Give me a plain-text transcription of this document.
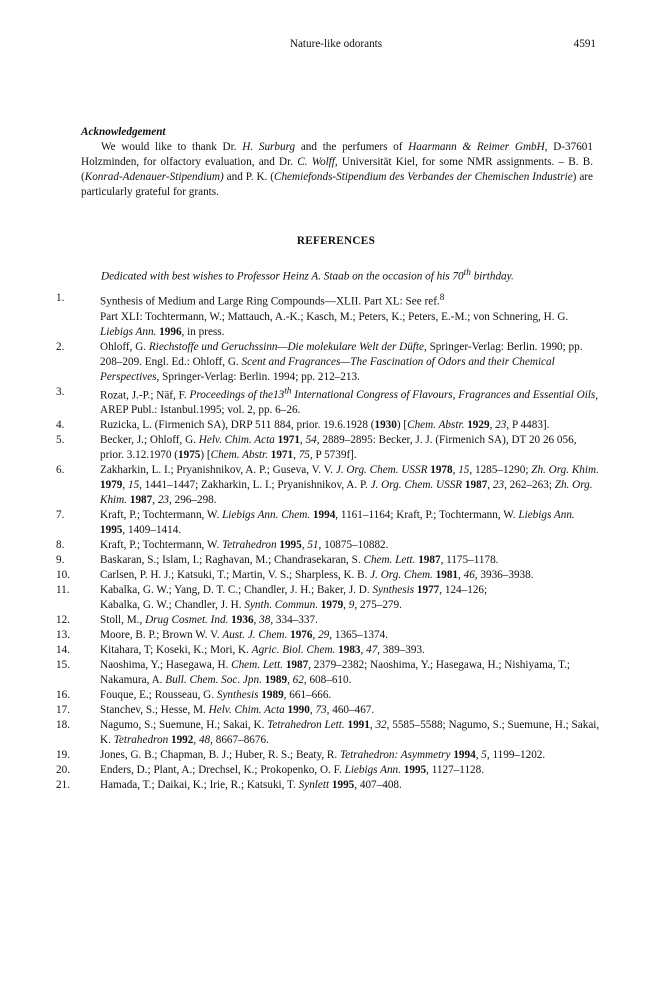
Nature-like odorants	4591
Acknowledgement

We would like to thank Dr. H. Surburg and the perfumers of Haarmann & Reimer GmbH, D-37601 Holzminden, for olfactory evaluation, and Dr. C. Wolff, Universität Kiel, for some NMR assignments. – B. B. (Konrad-Adenauer-Stipendium) and P. K. (Chemiefonds-Stipendium des Verbandes der Chemischen Industrie) are particularly grateful for grants.

REFERENCES
Dedicated with best wishes to Professor Heinz A. Staab on the occasion of his 70th birthday.
1.	Synthesis of Medium and Large Ring Compounds—XLII. Part XL: See ref.$^8$
Part XLI: Tochtermann, W.; Mattauch, A.-K.; Kasch, M.; Peters, K.; Peters, E.-M.; von Schnering, H. G. Liebigs Ann. 1996, in press.
2.	Ohloff, G. Riechstoffe und Geruchssinn—Die molekulare Welt der Düfte, Springer-Verlag: Berlin. 1990; pp. 208–209. Engl. Ed.: Ohloff, G. Scent and Fragrances—The Fascination of Odors and their Chemical Perspectives, Springer-Verlag: Berlin. 1994; pp. 212–213.
3.	Rozat, J.-P.; Näf, F. Proceedings of the13th International Congress of Flavours, Fragrances and Essential Oils, AREP Publ.: Istanbul.1995; vol. 2, pp. 6–26.
4.	Ruzicka, L. (Firmenich SA), DRP 511 884, prior. 19.6.1928 (1930) [Chem. Abstr. 1929, 23, P 4483].
5.	Becker, J.; Ohloff, G. Helv. Chim. Acta 1971, 54, 2889–2895: Becker, J. J. (Firmenich SA), DT 20 26 056, prior. 3.12.1970 (1975) [Chem. Abstr. 1971, 75, P 5739f].
6.	Zakharkin, L. I.; Pryanishnikov, A. P.; Guseva, V. V. J. Org. Chem. USSR 1978, 15, 1285–1290; Zh. Org. Khim. 1979, 15, 1441–1447; Zakharkin, L. I.; Pryanishnikov, A. P. J. Org. Chem. USSR 1987, 23, 262–263; Zh. Org. Khim. 1987, 23, 296–298.
7.	Kraft, P.; Tochtermann, W. Liebigs Ann. Chem. 1994, 1161–1164; Kraft, P.; Tochtermann, W. Liebigs Ann. 1995, 1409–1414.
8.	Kraft, P.; Tochtermann, W. Tetrahedron 1995, 51, 10875–10882.
9.	Baskaran, S.; Islam, I.; Raghavan, M.; Chandrasekaran, S. Chem. Lett. 1987, 1175–1178.
10.	Carlsen, P. H. J.; Katsuki, T.; Martin, V. S.; Sharpless, K. B. J. Org. Chem. 1981, 46, 3936–3938.
11.	Kabalka, G. W.; Yang, D. T. C.; Chandler, J. H.; Baker, J. D. Synthesis 1977, 124–126;
Kabalka, G. W.; Chandler, J. H. Synth. Commun. 1979, 9, 275–279.
12.	Stoll, M., Drug Cosmet. Ind. 1936, 38, 334–337.
13.	Moore, B. P.; Brown W. V. Aust. J. Chem. 1976, 29, 1365–1374.
14.	Kitahara, T; Koseki, K.; Mori, K. Agric. Biol. Chem. 1983, 47, 389–393.
15.	Naoshima, Y.; Hasegawa, H. Chem. Lett. 1987, 2379–2382; Naoshima, Y.; Hasegawa, H.; Nishiyama, T.; Nakamura, A. Bull. Chem. Soc. Jpn. 1989, 62, 608–610.
16.	Fouque, E.; Rousseau, G. Synthesis 1989, 661–666.
17.	Stanchev, S.; Hesse, M. Helv. Chim. Acta 1990, 73, 460–467.
18.	Nagumo, S.; Suemune, H.; Sakai, K. Tetrahedron Lett. 1991, 32, 5585–5588; Nagumo, S.; Suemune, H.; Sakai, K. Tetrahedron 1992, 48, 8667–8676.
19.	Jones, G. B.; Chapman, B. J.; Huber, R. S.; Beaty, R. Tetrahedron: Asymmetry 1994, 5, 1199–1202.
20.	Enders, D.; Plant, A.; Drechsel, K.; Prokopenko, O. F. Liebigs Ann. 1995, 1127–1128.
21.	Hamada, T.; Daikai, K.; Irie, R.; Katsuki, T. Synlett 1995, 407–408.
